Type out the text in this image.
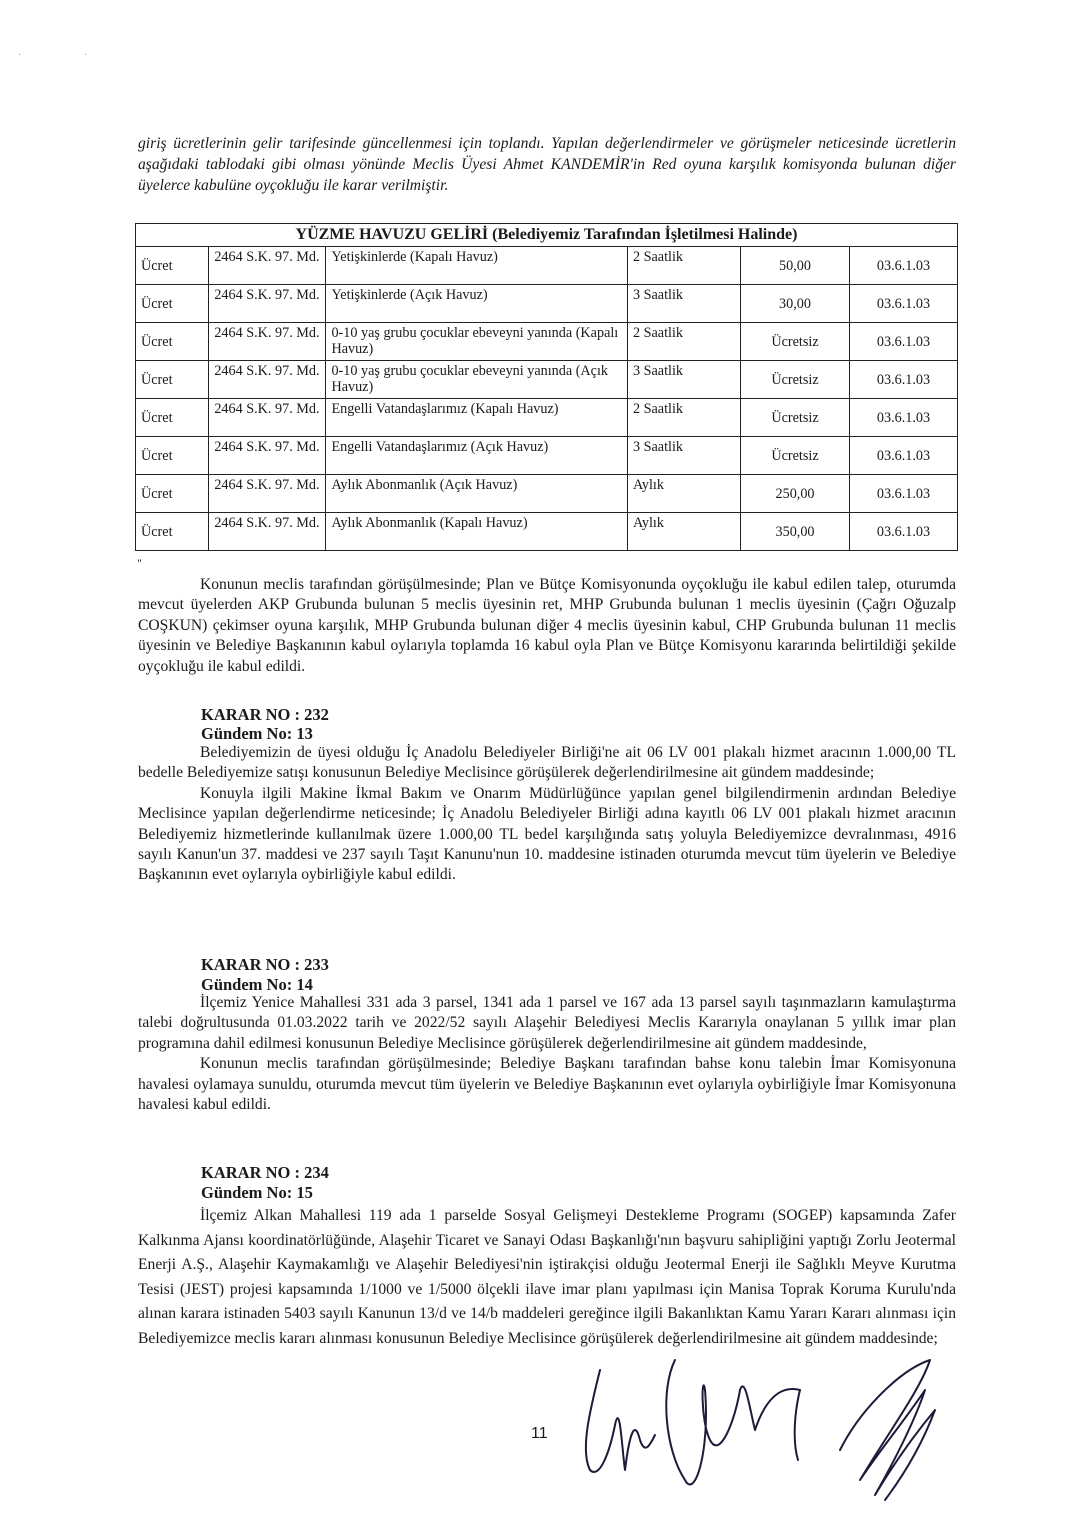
· ·
giriş ücretlerinin gelir tarifesinde güncellenmesi için toplandı. Yapılan değerlendirmeler ve görüşmeler neticesinde ücretlerin aşağıdaki tablodaki gibi olması yönünde Meclis Üyesi Ahmet KANDEMİR'in Red oyuna karşılık komisyonda bulunan diğer üyelerce kabulüne oyçokluğu ile karar verilmiştir.
YÜZME HAVUZU GELİRİ (Belediyemiz Tarafından İşletilmesi Halinde)					
Ücret	2464 S.K. 97. Md.	Yetişkinlerde (Kapalı Havuz)	2 Saatlik	50,00	03.6.1.03
Ücret	2464 S.K. 97. Md.	Yetişkinlerde (Açık Havuz)	3 Saatlik	30,00	03.6.1.03
Ücret	2464 S.K. 97. Md.	0-10 yaş grubu çocuklar ebeveyni yanında (Kapalı Havuz)	2 Saatlik	Ücretsiz	03.6.1.03
Ücret	2464 S.K. 97. Md.	0-10 yaş grubu çocuklar ebeveyni yanında (Açık Havuz)	3 Saatlik	Ücretsiz	03.6.1.03
Ücret	2464 S.K. 97. Md.	Engelli Vatandaşlarımız (Kapalı Havuz)	2 Saatlik	Ücretsiz	03.6.1.03
Ücret	2464 S.K. 97. Md.	Engelli Vatandaşlarımız (Açık Havuz)	3 Saatlik	Ücretsiz	03.6.1.03
Ücret	2464 S.K. 97. Md.	Aylık Abonmanlık (Açık Havuz)	Aylık	250,00	03.6.1.03
Ücret	2464 S.K. 97. Md.	Aylık Abonmanlık (Kapalı Havuz)	Aylık	350,00	03.6.1.03
"

Konunun meclis tarafından görüşülmesinde; Plan ve Bütçe Komisyonunda oyçokluğu ile kabul edilen talep, oturumda mevcut üyelerden AKP Grubunda bulunan 5 meclis üyesinin ret, MHP Grubunda bulunan 1 meclis üyesinin (Çağrı Oğuzalp COŞKUN) çekimser oyuna karşılık, MHP Grubunda bulunan diğer 4 meclis üyesinin kabul, CHP Grubunda bulunan 11 meclis üyesinin ve Belediye Başkanının kabul oylarıyla toplamda 16 kabul oyla Plan ve Bütçe Komisyonu kararında belirtildiği şekilde oyçokluğu ile kabul edildi.

KARAR NO : 232
Gündem No: 13

Belediyemizin de üyesi olduğu İç Anadolu Belediyeler Birliği'ne ait 06 LV 001 plakalı hizmet aracının 1.000,00 TL bedelle Belediyemize satışı konusunun Belediye Meclisince görüşülerek değerlendirilmesine ait gündem maddesinde;

Konuyla ilgili Makine İkmal Bakım ve Onarım Müdürlüğünce yapılan genel bilgilendirmenin ardından Belediye Meclisince yapılan değerlendirme neticesinde; İç Anadolu Belediyeler Birliği adına kayıtlı 06 LV 001 plakalı hizmet aracının Belediyemiz hizmetlerinde kullanılmak üzere 1.000,00 TL bedel karşılığında satış yoluyla Belediyemizce devralınması, 4916 sayılı Kanun'un 37. maddesi ve 237 sayılı Taşıt Kanunu'nun 10. maddesine istinaden oturumda mevcut tüm üyelerin ve Belediye Başkanının evet oylarıyla oybirliğiyle kabul edildi.

KARAR NO : 233
Gündem No: 14

İlçemiz Yenice Mahallesi 331 ada 3 parsel, 1341 ada 1 parsel ve 167 ada 13 parsel sayılı taşınmazların kamulaştırma talebi doğrultusunda 01.03.2022 tarih ve 2022/52 sayılı Alaşehir Belediyesi Meclis Kararıyla onaylanan 5 yıllık imar plan programına dahil edilmesi konusunun Belediye Meclisince görüşülerek değerlendirilmesine ait gündem maddesinde,

Konunun meclis tarafından görüşülmesinde; Belediye Başkanı tarafından bahse konu talebin İmar Komisyonuna havalesi oylamaya sunuldu, oturumda mevcut tüm üyelerin ve Belediye Başkanının evet oylarıyla oybirliğiyle İmar Komisyonuna havalesi kabul edildi.

KARAR NO : 234
Gündem No: 15

İlçemiz Alkan Mahallesi 119 ada 1 parselde Sosyal Gelişmeyi Destekleme Programı (SOGEP) kapsamında Zafer Kalkınma Ajansı koordinatörlüğünde, Alaşehir Ticaret ve Sanayi Odası Başkanlığı'nın başvuru sahipliğini yaptığı Zorlu Jeotermal Enerji A.Ş., Alaşehir Kaymakamlığı ve Alaşehir Belediyesi'nin iştirakçisi olduğu Jeotermal Enerji ile Sağlıklı Meyve Kurutma Tesisi (JEST) projesi kapsamında 1/1000 ve 1/5000 ölçekli ilave imar planı yapılması için Manisa Toprak Koruma Kurulu'nda alınan karara istinaden 5403 sayılı Kanunun 13/d ve 14/b maddeleri gereğince ilgili Bakanlıktan Kamu Yararı Kararı alınması için Belediyemizce meclis kararı alınması konusunun Belediye Meclisince görüşülerek değerlendirilmesine ait gündem maddesinde;

11
